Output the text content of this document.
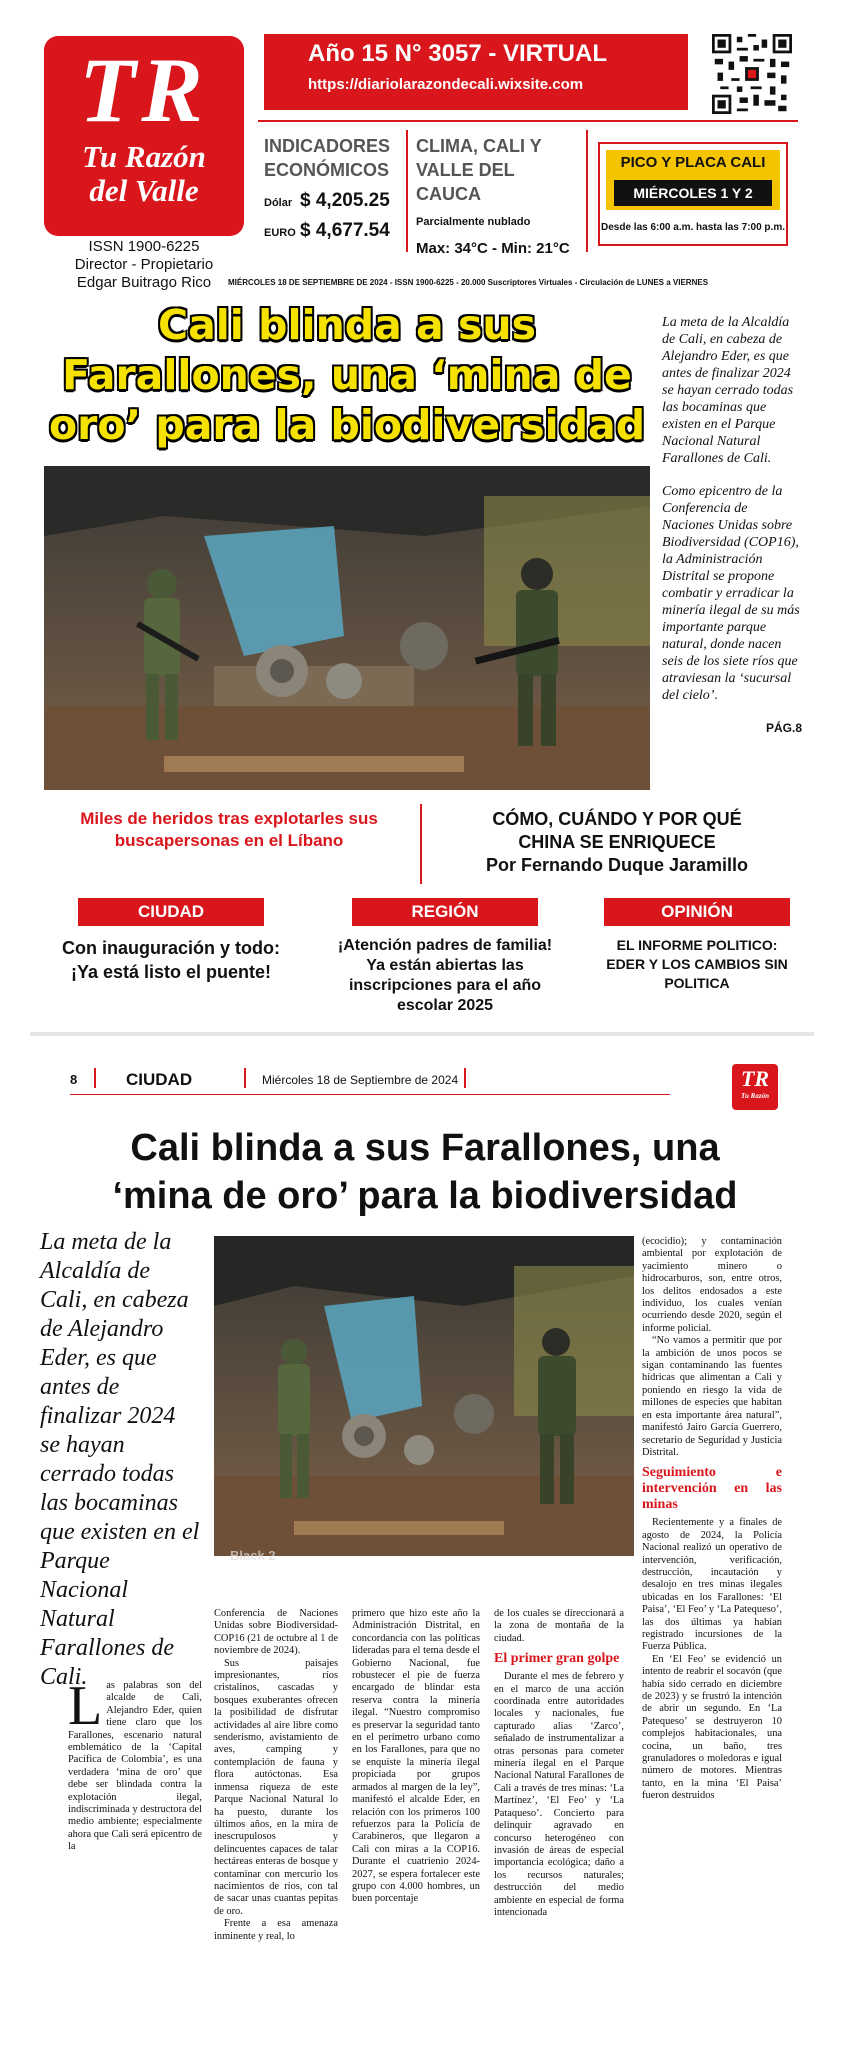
TR
Tu Razón
del Valle
ISSN 1900-6225
Director - Propietario
Edgar Buitrago Rico
Año 15 N° 3057 - VIRTUAL
https://diariolarazondecali.wixsite.com
INDICADORES
ECONÓMICOS
Dólar $ 4,205.25
EURO $ 4,677.54
CLIMA, CALI Y
VALLE DEL CAUCA
Parcialmente nublado
Max: 34°C - Min: 21°C
PICO Y PLACA CALI
MIÉRCOLES 1 Y 2
Desde las 6:00 a.m. hasta las 7:00 p.m.
MIÉRCOLES 18 DE SEPTIEMBRE DE 2024 - ISSN 1900-6225 - 20.000 Suscriptores Virtuales - Circulación de LUNES a VIERNES
Cali blinda a sus
Farallones, una ‘mina de
oro’ para la biodiversidad

La meta de la Alcaldía de Cali, en cabeza de Alejandro Eder, es que antes de finalizar 2024 se hayan cerrado todas las bocaminas que existen en el Parque Nacional Natural Farallones de Cali.

Como epicentro de la Conferencia de Naciones Unidas sobre Biodiversidad (COP16), la Administración Distrital se propone combatir y erradicar la minería ilegal de su más importante parque natural, donde nacen seis de los siete ríos que atraviesan la ‘sucursal del cielo’.

PÁG.8
Miles de heridos tras explotarles sus buscapersonas en el Líbano
CÓMO, CUÁNDO Y POR QUÉ
CHINA SE ENRIQUECE
Por Fernando Duque Jaramillo
CIUDAD
Con inauguración y todo: ¡Ya está listo el puente!
REGIÓN
¡Atención padres de familia! Ya están abiertas las inscripciones para el año escolar 2025
OPINIÓN
EL INFORME POLITICO: EDER Y LOS CAMBIOS SIN POLITICA
8	CIUDAD	Miércoles 18 de Septiembre de 2024	TR
Tu Razón
Cali blinda a sus Farallones, una
‘mina de oro’ para la biodiversidad
La meta de la Alcaldía de Cali, en cabeza de Alejandro Eder, es que antes de finalizar 2024 se hayan cerrado todas las bocaminas que existen en el Parque Nacional Natural Farallones de Cali.
Black 2
L as palabras son del alcalde de Cali, Alejandro Eder, quien tiene claro que los Farallones, escenario natural emblemático de la ‘Capital Pacífica de Colombia’, es una verdadera ‘mina de oro’ que debe ser blindada contra la explotación ilegal, indiscriminada y destructora del medio ambiente; especialmente ahora que Cali será epicentro de la

Conferencia de Naciones Unidas sobre Biodiversidad-COP16 (21 de octubre al 1 de noviembre de 2024).

Sus paisajes impresionantes, ríos cristalinos, cascadas y bosques exuberantes ofrecen la posibilidad de disfrutar actividades al aire libre como senderismo, avistamiento de aves, camping y contemplación de fauna y flora autóctonas. Esa inmensa riqueza de este Parque Nacional Natural lo ha puesto, durante los últimos años, en la mira de inescrupulosos y delincuentes capaces de talar hectáreas enteras de bosque y contaminar con mercurio los nacimientos de ríos, con tal de sacar unas cuantas pepitas de oro.

Frente a esa amenaza inminente y real, lo

primero que hizo este año la Administración Distrital, en concordancia con las políticas lideradas para el tema desde el Gobierno Nacional, fue robustecer el pie de fuerza encargado de blindar esta reserva contra la minería ilegal. “Nuestro compromiso es preservar la seguridad tanto en el perímetro urbano como en los Farallones, para que no se enquiste la minería ilegal propiciada por grupos armados al margen de la ley”, manifestó el alcalde Eder, en relación con los primeros 100 refuerzos para la Policía de Carabineros, que llegaron a Cali con miras a la COP16. Durante el cuatrienio 2024-2027, se espera fortalecer este grupo con 4.000 hombres, un buen porcentaje

de los cuales se direccionará a la zona de montaña de la ciudad.

El primer gran golpe

Durante el mes de febrero y en el marco de una acción coordinada entre autoridades locales y nacionales, fue capturado alias ‘Zarco’, señalado de instrumentalizar a otras personas para cometer minería ilegal en el Parque Nacional Natural Farallones de Cali a través de tres minas: ‘La Martínez’, ‘El Feo’ y ‘La Pataqueso’. Concierto para delinquir agravado en concurso heterogéneo con invasión de áreas de especial importancia ecológica; daño a los recursos naturales; destrucción del medio ambiente en especial de forma intencionada

(ecocidio); y contaminación ambiental por explotación de yacimiento minero o hidrocarburos, son, entre otros, los delitos endosados a este individuo, los cuales venían ocurriendo desde 2020, según el informe policial.

“No vamos a permitir que por la ambición de unos pocos se sigan contaminando las fuentes hídricas que alimentan a Cali y poniendo en riesgo la vida de millones de especies que habitan en esta importante área natural”, manifestó Jairo García Guerrero, secretario de Seguridad y Justicia Distrital.

Seguimiento e intervención en las minas

Recientemente y a finales de agosto de 2024, la Policía Nacional realizó un operativo de intervención, verificación, destrucción, incautación y desalojo en tres minas ilegales ubicadas en los Farallones: ‘El Paisa’, ‘El Feo’ y ‘La Patequeso’, las dos últimas ya habían registrado incursiones de la Fuerza Pública.

En ‘El Feo’ se evidenció un intento de reabrir el socavón (que había sido cerrado en diciembre de 2023) y se frustró la intención de abrir un segundo. En ‘La Patequeso’ se destruyeron 10 complejos habitacionales, una cocina, un baño, tres granuladores o moledoras e igual número de motores. Mientras tanto, en la mina ‘El Paisa’ fueron destruidos
